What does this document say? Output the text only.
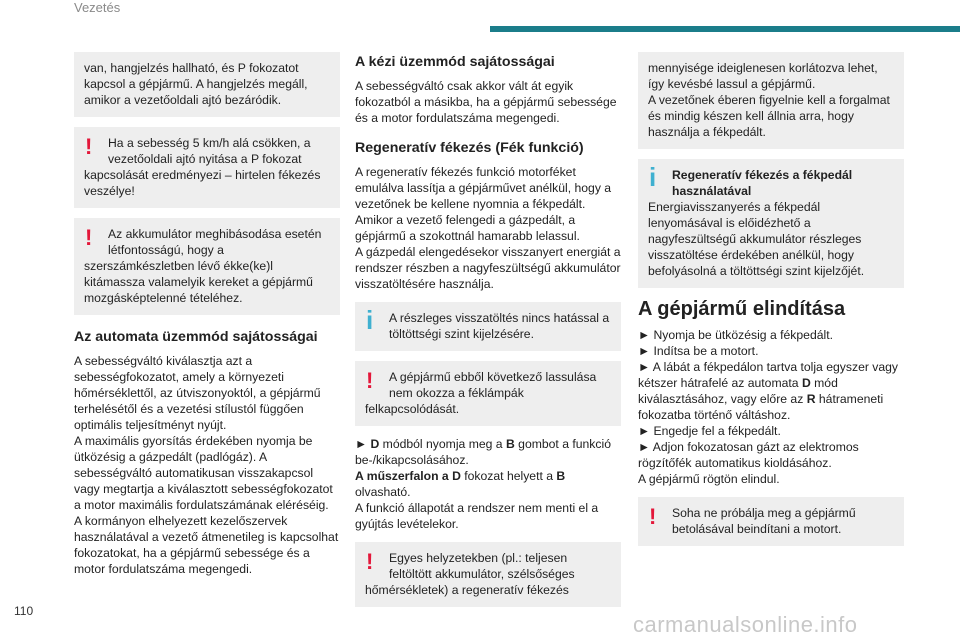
Vezetés

van, hangjelzés hallható, és P fokozatot kapcsol a gépjármű. A hangjelzés megáll, amikor a vezetőoldali ajtó bezáródik.

!	Ha a sebesség 5 km/h alá csökken, a

vezetőoldali ajtó nyitása a P fokozat

kapcsolását eredményezi – hirtelen fékezés veszélye!

!	Az akkumulátor meghibásodása esetén

létfontosságú, hogy a

szerszámkészletben lévő ékke(ke)l kitámassza valamelyik kereket a gépjármű mozgásképtelenné tételéhez.

Az automata üzemmód sajátosságai

A sebességváltó kiválasztja azt a sebességfokozatot, amely a környezeti hőmérséklettől, az útviszonyoktól, a gépjármű terhelésétől és a vezetési stílustól függően optimális teljesítményt nyújt.

A maximális gyorsítás érdekében nyomja be ütközésig a gázpedált (padlógáz). A sebességváltó automatikusan visszakapcsol vagy megtartja a kiválasztott sebességfokozatot a motor maximális fordulatszámának eléréséig.

A kormányon elhelyezett kezelőszervek használatával a vezető átmenetileg is kapcsolhat fokozatokat, ha a gépjármű sebessége és a motor fordulatszáma megengedi.

A kézi üzemmód sajátosságai

A sebességváltó csak akkor vált át egyik fokozatból a másikba, ha a gépjármű sebessége és a motor fordulatszáma megengedi.

Regeneratív fékezés (Fék funkció)

A regeneratív fékezés funkció motorféket emulálva lassítja a gépjárművet anélkül, hogy a vezetőnek be kellene nyomnia a fékpedált.

Amikor a vezető felengedi a gázpedált, a gépjármű a szokottnál hamarabb lelassul.

A gázpedál elengedésekor visszanyert energiát a rendszer részben a nagyfeszültségű akkumulátor visszatöltésére használja.

i	A részleges visszatöltés nincs hatással a töltöttségi szint kijelzésére.

!	A gépjármű ebből következő lassulása

nem okozza a féklámpák

felkapcsolódását.

► D módból nyomja meg a B gombot a funkció be-/kikapcsolásához.

A műszerfalon a D fokozat helyett a B olvasható.

A funkció állapotát a rendszer nem menti el a gyújtás levételekor.

!	Egyes helyzetekben (pl.: teljesen

feltöltött akkumulátor, szélsőséges

hőmérsékletek) a regeneratív fékezés

mennyisége ideiglenesen korlátozva lehet, így kevésbé lassul a gépjármű.

A vezetőnek éberen figyelnie kell a forgalmat és mindig készen kell állnia arra, hogy használja a fékpedált.

i	Regeneratív fékezés a fékpedál

használatával

Energiavisszanyerés a fékpedál lenyomásával is előidézhető a nagyfeszültségű akkumulátor részleges visszatöltése érdekében anélkül, hogy befolyásolná a töltöttségi szint kijelzőjét.

A gépjármű elindítása

► Nyomja be ütközésig a fékpedált.

► Indítsa be a motort.

► A lábát a fékpedálon tartva tolja egyszer vagy kétszer hátrafelé az automata D mód kiválasztásához, vagy előre az R hátrameneti fokozatba történő váltáshoz.

► Engedje fel a fékpedált.

► Adjon fokozatosan gázt az elektromos rögzítőfék automatikus kioldásához.

A gépjármű rögtön elindul.

!	Soha ne próbálja meg a gépjármű

betolásával beindítani a motort.

110
carmanualsonline.info
